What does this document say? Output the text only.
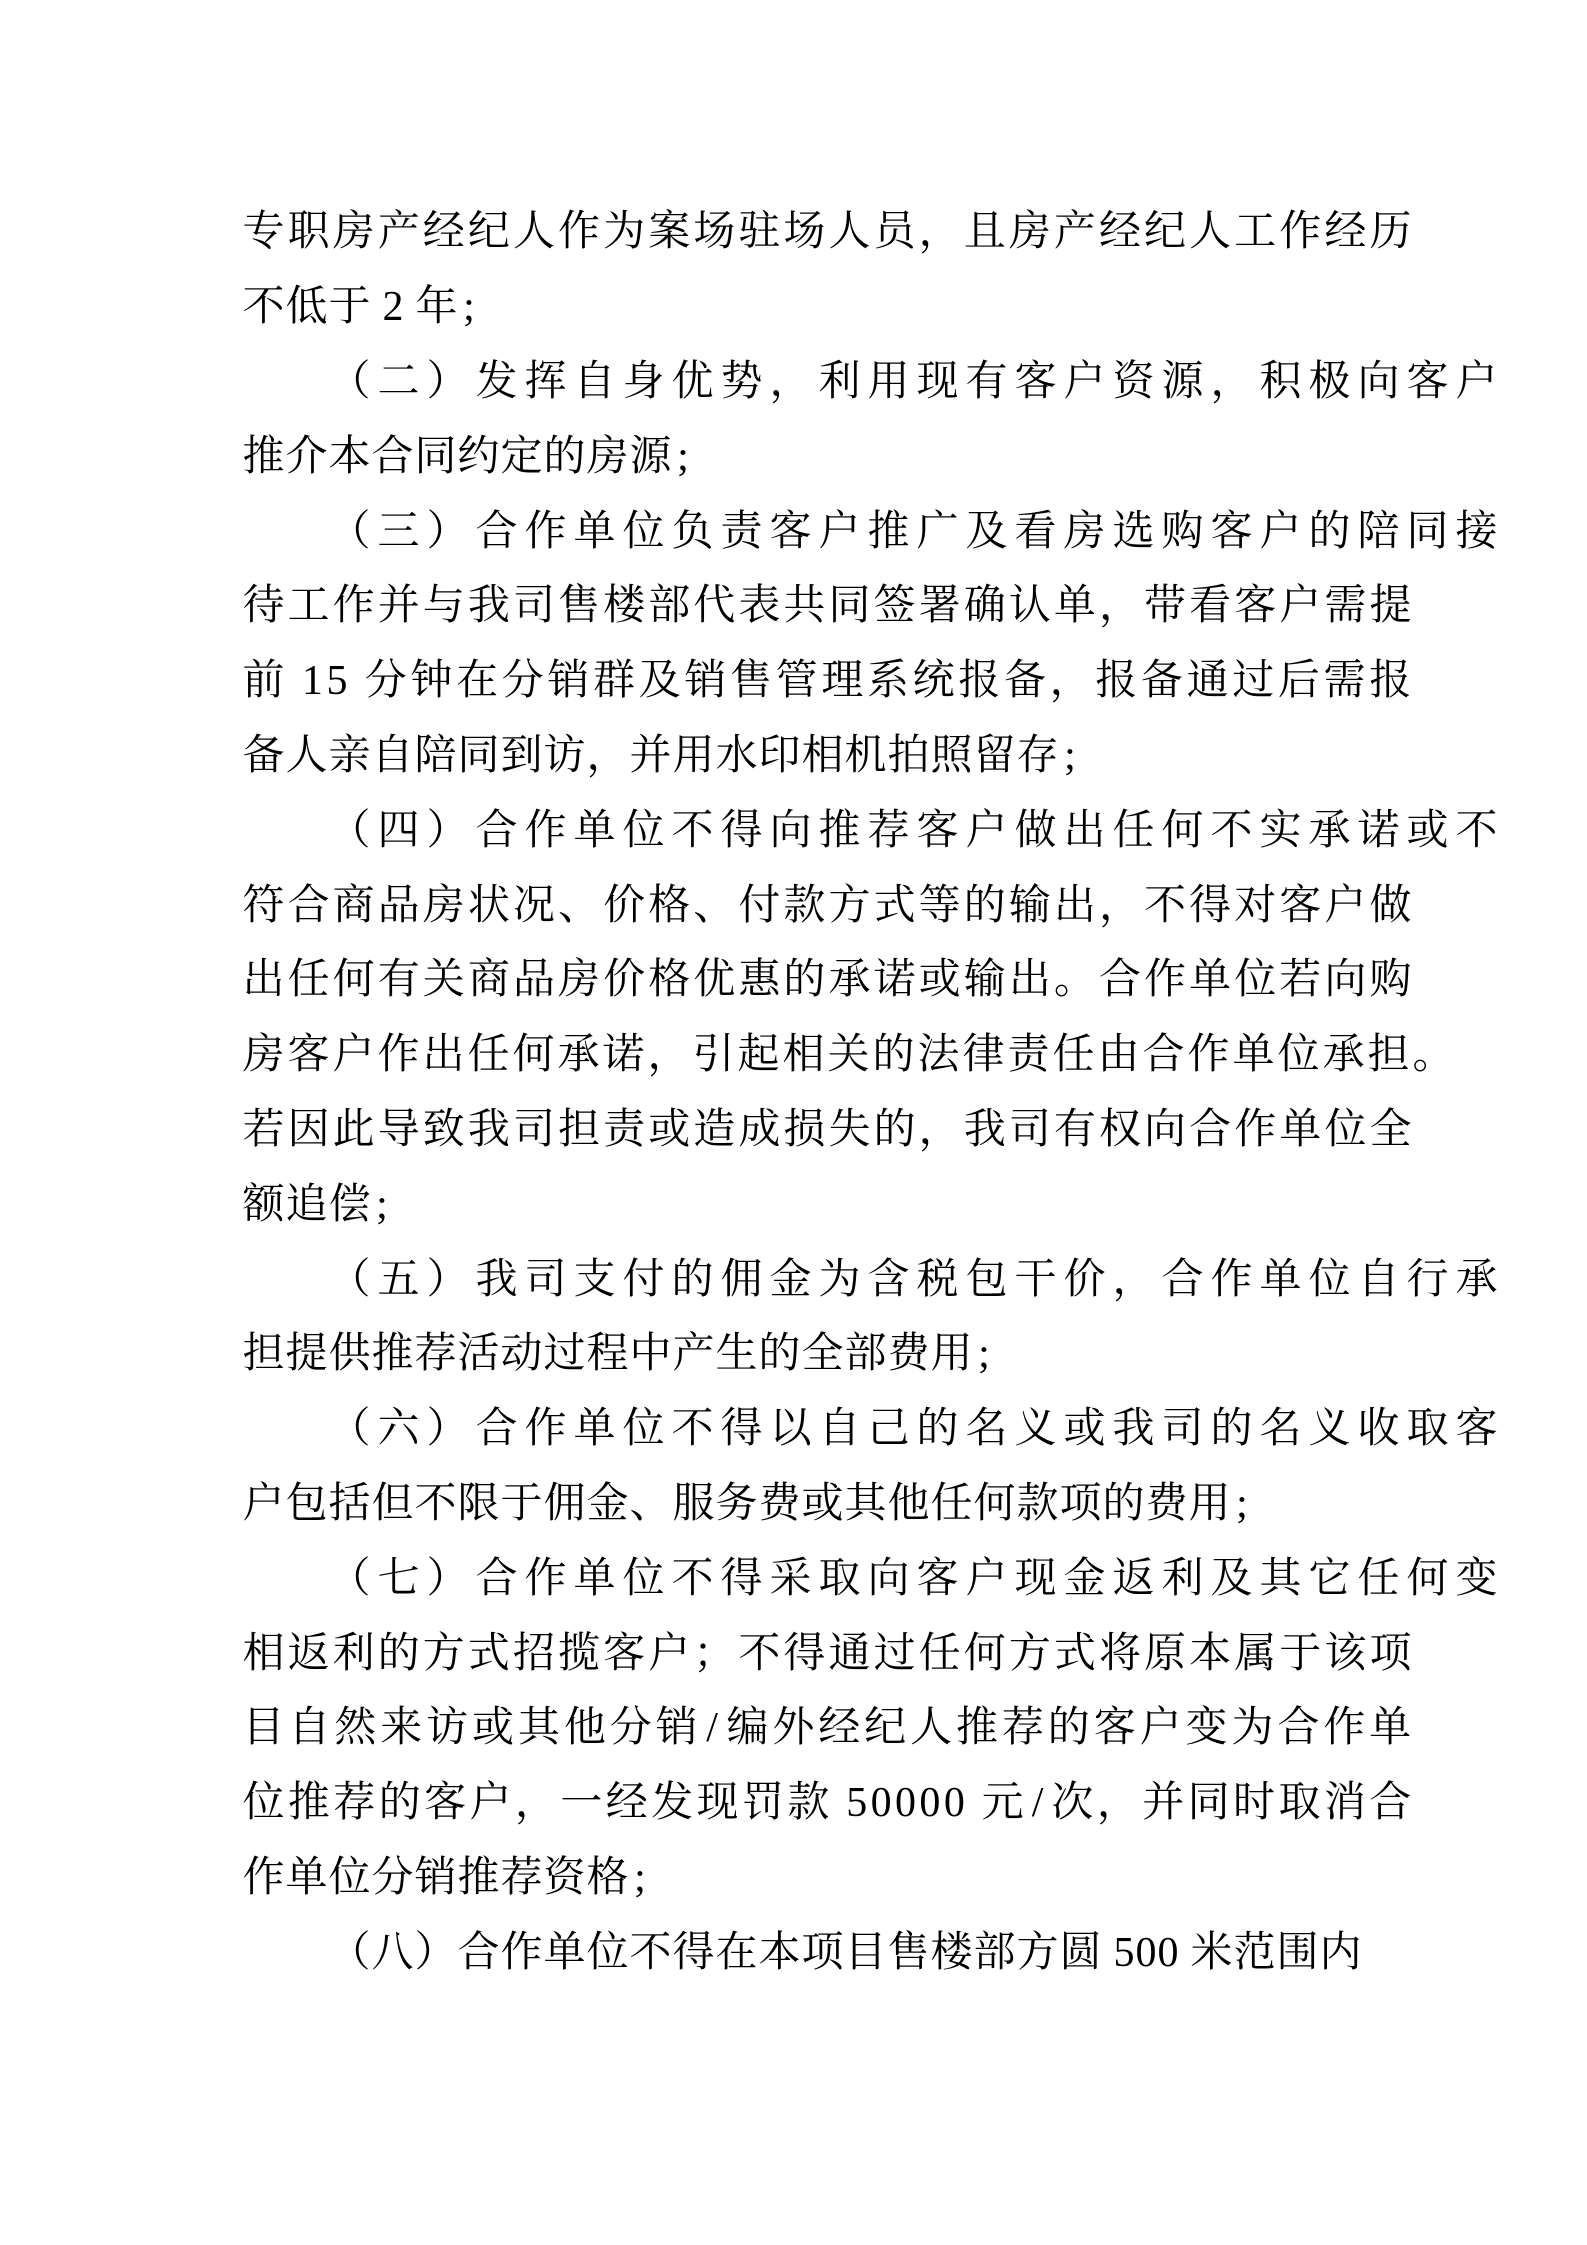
专 职 房 产 经 纪 人 作 为 案 场 驻 场 人 员 ， 且 房 产 经 纪 人 工 作 经 历
不 低 于
2
年 ;
（ 二 ） 发 挥 自 身 优 势 ， 利 用 现 有 客 户 资 源 ， 积 极 向 客 户
推 介 本 合 同 约 定 的 房 源 ;
（ 三 ） 合 作 单 位 负 责 客 户 推 广 及 看 房 选 购 客 户 的 陪 同 接
待 工 作 并 与 我 司 售 楼 部 代 表 共 同 签 署 确 认 单 ， 带 看 客 户 需 提
前
1 5
分 钟 在 分 销 群 及 销 售 管 理 系 统 报 备 ， 报 备 通 过 后 需 报
备 人 亲 自 陪 同 到 访 ， 并 用 水 印 相 机 拍 照 留 存 ;
（ 四 ） 合 作 单 位 不 得 向 推 荐 客 户 做 出 任 何 不 实 承 诺 或 不
符 合 商 品 房 状 况 、 价 格 、 付 款 方 式 等 的 输 出 ， 不 得 对 客 户 做
出 任 何 有 关 商 品 房 价 格 优 惠 的 承 诺 或 输 出 。 合 作 单 位 若 向 购
房 客 户 作 出 任 何 承 诺 ， 引 起 相 关 的 法 律 责 任 由 合 作 单 位 承 担 。
若 因 此 导 致 我 司 担 责 或 造 成 损 失 的 ， 我 司 有 权 向 合 作 单 位 全
额 追 偿 ;
（ 五 ） 我 司 支 付 的 佣 金 为 含 税 包 干 价 ， 合 作 单 位 自 行 承
担 提 供 推 荐 活 动 过 程 中 产 生 的 全 部 费 用 ;
（ 六 ） 合 作 单 位 不 得 以 自 己 的 名 义 或 我 司 的 名 义 收 取 客
户 包 括 但 不 限 于 佣 金 、 服 务 费 或 其 他 任 何 款 项 的 费 用 ;
（ 七 ） 合 作 单 位 不 得 采 取 向 客 户 现 金 返 利 及 其 它 任 何 变
相 返 利 的 方 式 招 揽 客 户 ； 不 得 通 过 任 何 方 式 将 原 本 属 于 该 项
目 自 然 来 访 或 其 他 分 销 / 编 外 经 纪 人 推 荐 的 客 户 变 为 合 作 单
位 推 荐 的 客 户 ， 一 经 发 现 罚 款
5 0 0 0 0
元 / 次 ， 并 同 时 取 消 合
作 单 位 分 销 推 荐 资 格 ;
（ 八 ） 合 作 单 位 不 得 在 本 项 目 售 楼 部 方 圆
5 0 0
米 范 围 内
